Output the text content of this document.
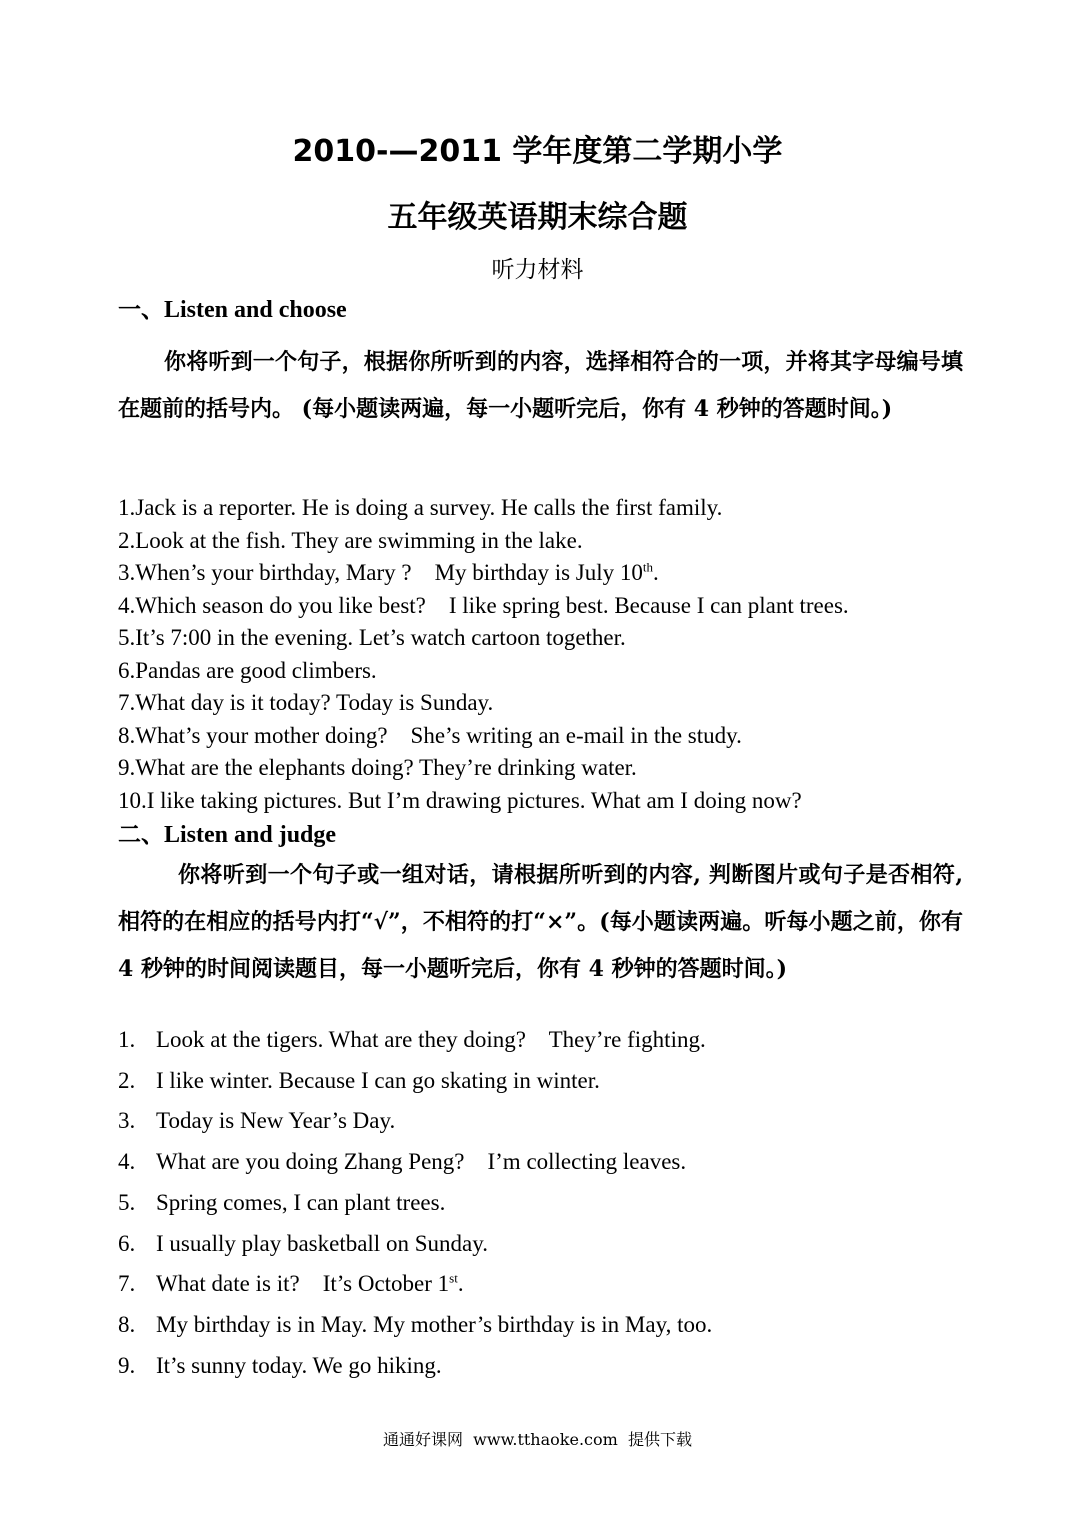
2010-—2011 学年度第二学期小学
五年级英语期末综合题
听力材料
一、Listen and choose

你将听到一个句子，根据你所听到的内容，选择相符合的一项，并将其字母编号填在题前的括号内。 (每小题读两遍，每一小题听完后，你有 4 秒钟的答题时间。)

1.Jack is a reporter. He is doing a survey. He calls the first family.
2.Look at the fish. They are swimming in the lake.
3.When’s your birthday, Mary ?    My birthday is July 10th.
4.Which season do you like best?    I like spring best. Because I can plant trees.
5.It’s 7:00 in the evening. Let’s watch cartoon together.
6.Pandas are good climbers.
7.What day is it today? Today is Sunday.
8.What’s your mother doing?    She’s writing an e-mail in the study.
9.What are the elephants doing? They’re drinking water.
10.I like taking pictures. But I’m drawing pictures. What am I doing now?
二、Listen and judge

你将听到一个句子或一组对话，请根据所听到的内容, 判断图片或句子是否相符, 相符的在相应的括号内打“√”，不相符的打“×”。(每小题读两遍。听每小题之前，你有 4 秒钟的时间阅读题目，每一小题听完后，你有 4 秒钟的答题时间。)

1. Look at the tigers. What are they doing?    They’re fighting.
2. I like winter. Because I can go skating in winter.
3. Today is New Year’s Day.
4. What are you doing Zhang Peng?    I’m collecting leaves.
5. Spring comes, I can plant trees.
6. I usually play basketball on Sunday.
7. What date is it?    It’s October 1st.
8. My birthday is in May. My mother’s birthday is in May, too.
9. It’s sunny today. We go hiking.
通通好课网  www.tthaoke.com  提供下载
